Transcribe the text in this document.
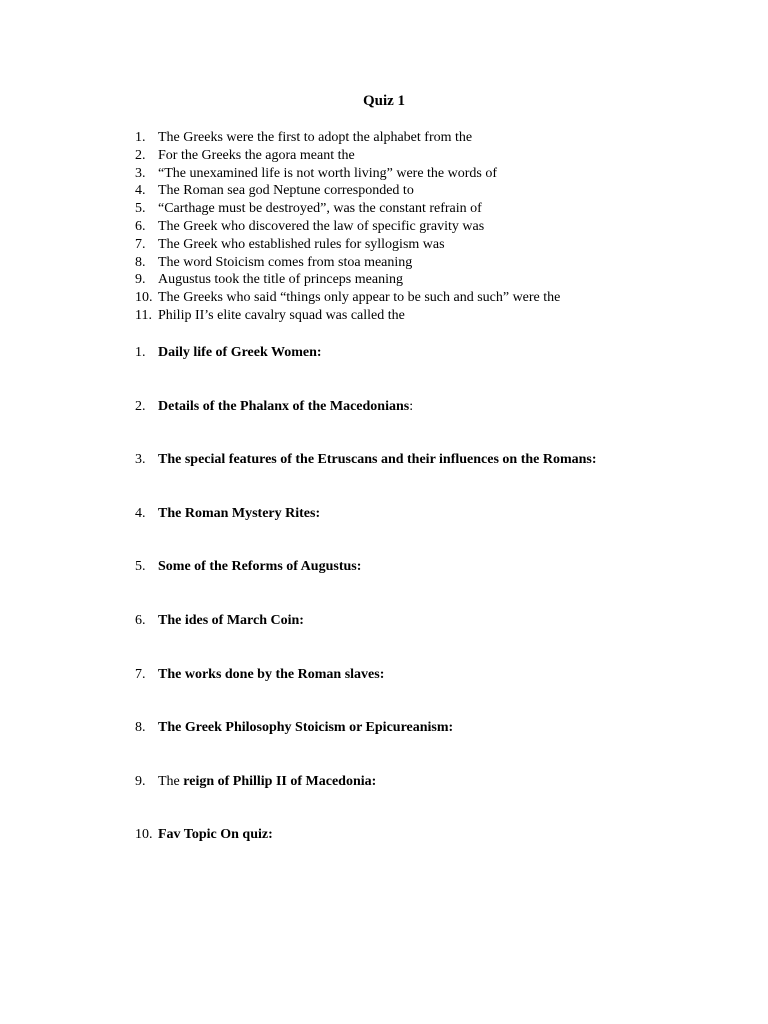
Quiz 1
1. The Greeks were the first to adopt the alphabet from the
2. For the Greeks the agora meant the
3. “The unexamined life is not worth living” were the words of
4. The Roman sea god Neptune corresponded to
5. “Carthage must be destroyed”, was the constant refrain of
6. The Greek who discovered the law of specific gravity was
7. The Greek who established rules for syllogism was
8. The word Stoicism comes from stoa meaning
9. Augustus took the title of princeps meaning
10. The Greeks who said “things only appear to be such and such” were the
11. Philip II’s elite cavalry squad was called the
1. Daily life of Greek Women:
2. Details of the Phalanx of the Macedonians:
3. The special features of the Etruscans and their influences on the Romans:
4. The Roman Mystery Rites:
5. Some of the Reforms of Augustus:
6. The ides of March Coin:
7. The works done by the Roman slaves:
8. The Greek Philosophy Stoicism or Epicureanism:
9. The reign of Phillip II of Macedonia:
10. Fav Topic On quiz:
